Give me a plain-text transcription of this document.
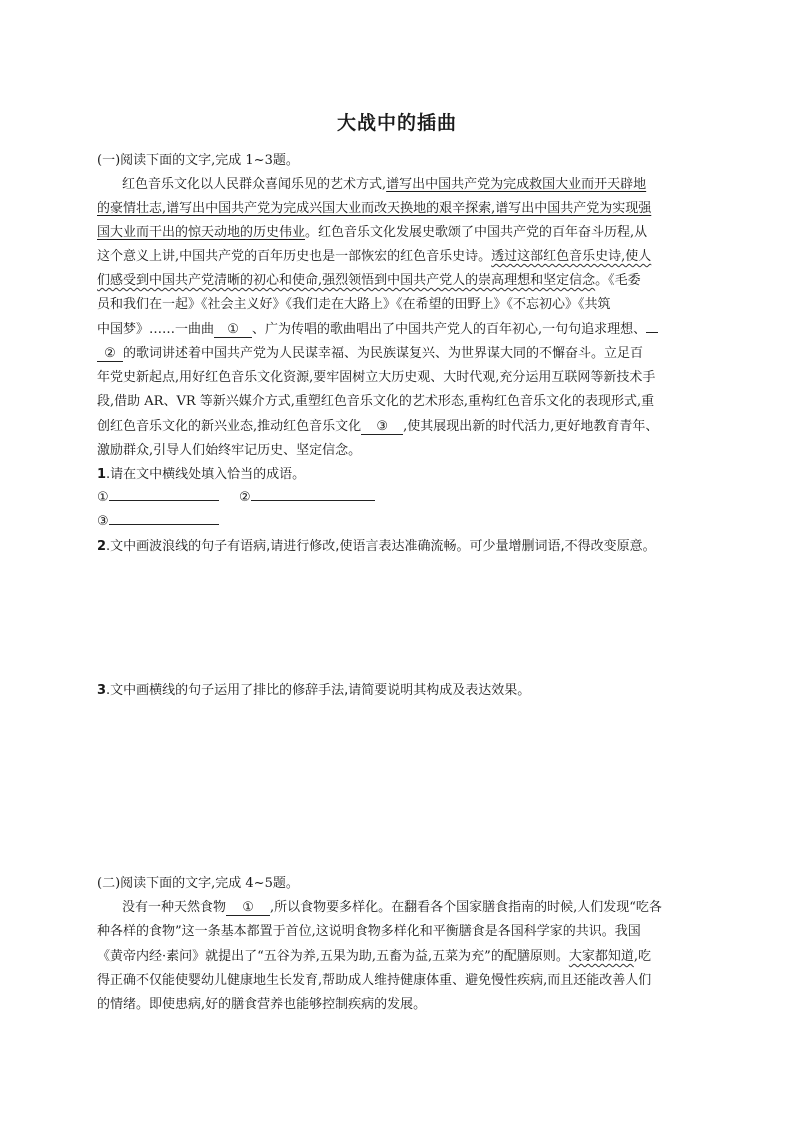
大战中的插曲
(一)阅读下面的文字,完成 1~3题。
红色音乐文化以人民群众喜闻乐见的艺术方式,谱写出中国共产党为完成救国大业而开天辟地
的豪情壮志,谱写出中国共产党为完成兴国大业而改天换地的艰辛探索,谱写出中国共产党为实现强
国大业而干出的惊天动地的历史伟业。红色音乐文化发展史歌颂了中国共产党的百年奋斗历程,从
这个意义上讲,中国共产党的百年历史也是一部恢宏的红色音乐史诗。透过这部红色音乐史诗,使人
们感受到中国共产党清晰的初心和使命,强烈领悟到中国共产党人的崇高理想和坚定信念。《毛委
员和我们在一起》《社会主义好》《我们走在大路上》《在希望的田野上》《不忘初心》《共筑
中国梦》……一曲曲 ① 、广为传唱的歌曲唱出了中国共产党人的百年初心,一句句追求理想、
② 的歌词讲述着中国共产党为人民谋幸福、为民族谋复兴、为世界谋大同的不懈奋斗。立足百
年党史新起点,用好红色音乐文化资源,要牢固树立大历史观、大时代观,充分运用互联网等新技术手
段,借助 AR、VR 等新兴媒介方式,重塑红色音乐文化的艺术形态,重构红色音乐文化的表现形式,重
创红色音乐文化的新兴业态,推动红色音乐文化 ③ ,使其展现出新的时代活力,更好地教育青年、
激励群众,引导人们始终牢记历史、坚定信念。
1.请在文中横线处填入恰当的成语。
①	②
③
2.文中画波浪线的句子有语病,请进行修改,使语言表达准确流畅。可少量增删词语,不得改变原意。
3.文中画横线的句子运用了排比的修辞手法,请简要说明其构成及表达效果。
(二)阅读下面的文字,完成 4~5题。
没有一种天然食物 ① ,所以食物要多样化。在翻看各个国家膳食指南的时候,人们发现“吃各
种各样的食物”这一条基本都置于首位,这说明食物多样化和平衡膳食是各国科学家的共识。我国
《黄帝内经·素问》就提出了“五谷为养,五果为助,五畜为益,五菜为充”的配膳原则。大家都知道,吃
得正确不仅能使婴幼儿健康地生长发育,帮助成人维持健康体重、避免慢性疾病,而且还能改善人们
的情绪。即使患病,好的膳食营养也能够控制疾病的发展。
